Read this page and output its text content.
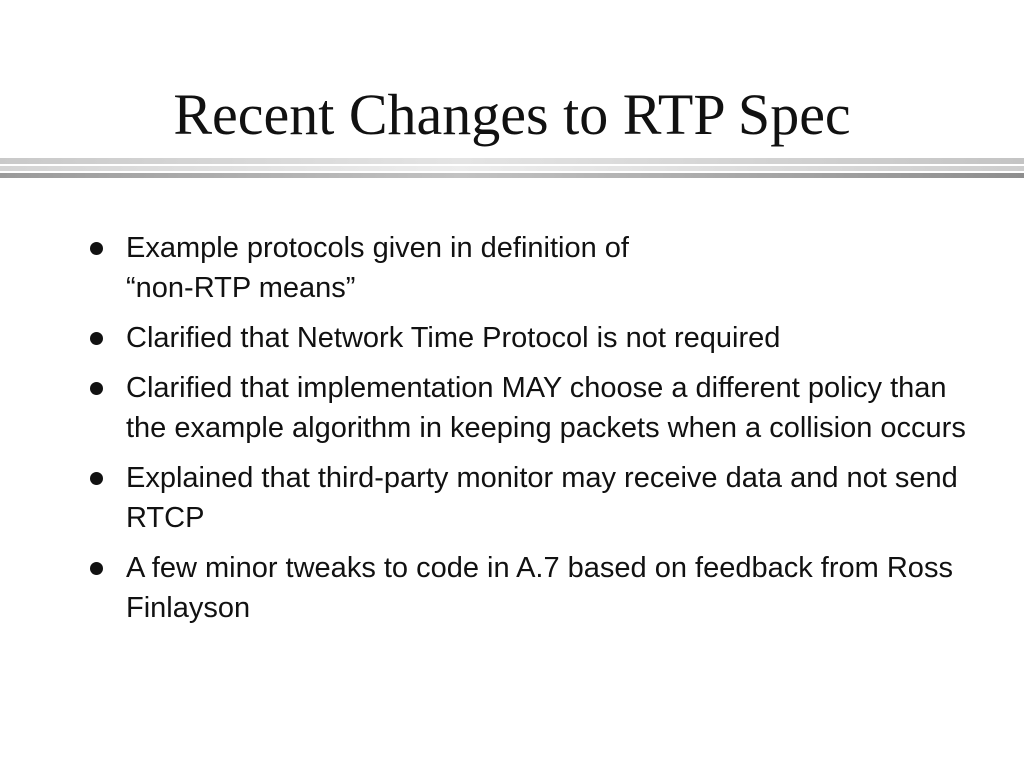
Recent Changes to RTP Spec
Example protocols given in definition of
“non-RTP means”
Clarified that Network Time Protocol is not required
Clarified that implementation MAY choose a different policy than the example algorithm in keeping packets when a collision occurs
Explained that third-party monitor may receive data and not send RTCP
A few minor tweaks to code in A.7 based on feedback from Ross Finlayson
